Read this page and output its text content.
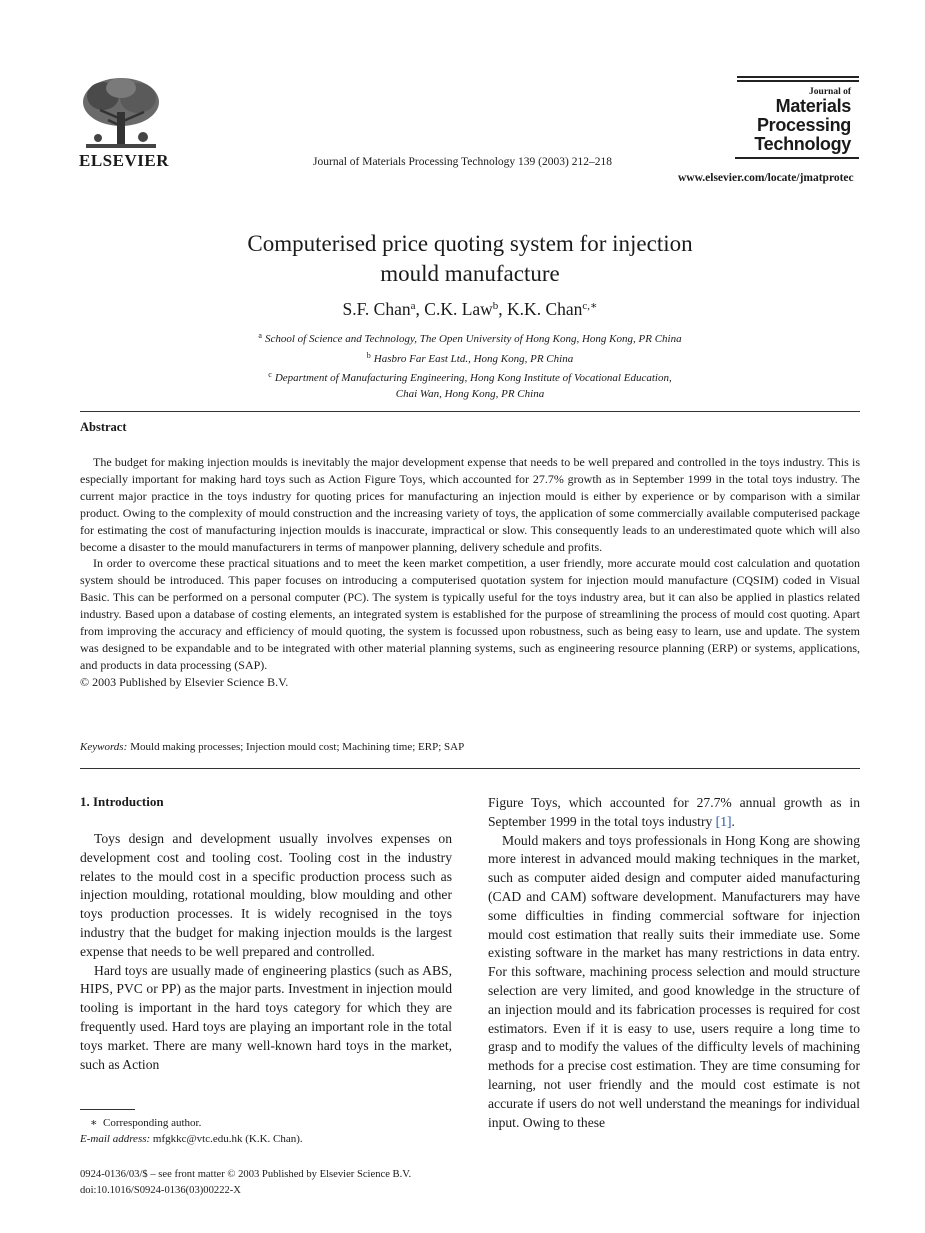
ELSEVIER	Journal of Materials Processing Technology 139 (2003) 212–218
Journal of
Materials
Processing
Technology
www.elsevier.com/locate/jmatprotec
Computerised price quoting system for injection
mould manufacture
S.F. Chan$^a$, C.K. Law$^b$, K.K. Chan$^{c,∗}$
$^a$ School of Science and Technology, The Open University of Hong Kong, Hong Kong, PR China
$^b$ Hasbro Far East Ltd., Hong Kong, PR China
$^c$ Department of Manufacturing Engineering, Hong Kong Institute of Vocational Education,
Chai Wan, Hong Kong, PR China
Abstract

The budget for making injection moulds is inevitably the major development expense that needs to be well prepared and controlled in the toys industry. This is especially important for making hard toys such as Action Figure Toys, which accounted for 27.7% growth as in September 1999 in the total toys industry. The current major practice in the toys industry for quoting prices for manufacturing an injection mould is either by experience or by comparison with a similar product. Owing to the complexity of mould construction and the increasing variety of toys, the application of some commercially available computerised package for estimating the cost of manufacturing injection moulds is inaccurate, impractical or slow. This consequently leads to an underestimated quote which will also become a disaster to the mould manufacturers in terms of manpower planning, delivery schedule and profits.

In order to overcome these practical situations and to meet the keen market competition, a user friendly, more accurate mould cost calculation and quotation system should be introduced. This paper focuses on introducing a computerised quotation system for injection mould manufacture (CQSIM) coded in Visual Basic. This can be performed on a personal computer (PC). The system is typically useful for the toys industry area, but it can also be applied in plastics related industry. Based upon a database of costing elements, an integrated system is established for the purpose of streamlining the process of mould cost quoting. Apart from improving the accuracy and efficiency of mould quoting, the system is focussed upon robustness, such as being easy to learn, use and update. The system was designed to be expandable and to be integrated with other material planning systems, such as engineering resource planning (ERP) or systems, applications, and products in data processing (SAP).

© 2003 Published by Elsevier Science B.V.

Keywords: Mould making processes; Injection mould cost; Machining time; ERP; SAP
1. Introduction

Toys design and development usually involves expenses on development cost and tooling cost. Tooling cost in the industry relates to the mould cost in a specific production process such as injection moulding, rotational moulding, blow moulding and other toys production processes. It is widely recognised in the toys industry that the budget for making injection moulds is the largest expense that needs to be well prepared and controlled.

Hard toys are usually made of engineering plastics (such as ABS, HIPS, PVC or PP) as the major parts. Investment in injection mould tooling is important in the hard toys category for which they are frequently used. Hard toys are playing an important role in the total toys market. There are many well-known hard toys in the market, such as Action

Figure Toys, which accounted for 27.7% annual growth as in September 1999 in the total toys industry [1].

Mould makers and toys professionals in Hong Kong are showing more interest in advanced mould making techniques in the market, such as computer aided design and computer aided manufacturing (CAD and CAM) software development. Manufacturers may have some difficulties in finding commercial software for injection mould cost estimation that really suits their immediate use. Some existing software in the market has many restrictions in data entry. For this software, machining process selection and mould structure selection are very limited, and good knowledge in the structure of an injection mould and its fabrication processes is required for cost estimators. Even if it is easy to use, users require a long time to grasp and to modify the values of the difficulty levels of machining methods for a precise cost estimation. They are time consuming for learning, not user friendly and the mould cost estimate is not accurate if users do not well understand the meanings for individual input. Owing to these

∗ Corresponding author.
E-mail address: mfgkkc@vtc.edu.hk (K.K. Chan).
0924-0136/03/$ – see front matter © 2003 Published by Elsevier Science B.V.
doi:10.1016/S0924-0136(03)00222-X
